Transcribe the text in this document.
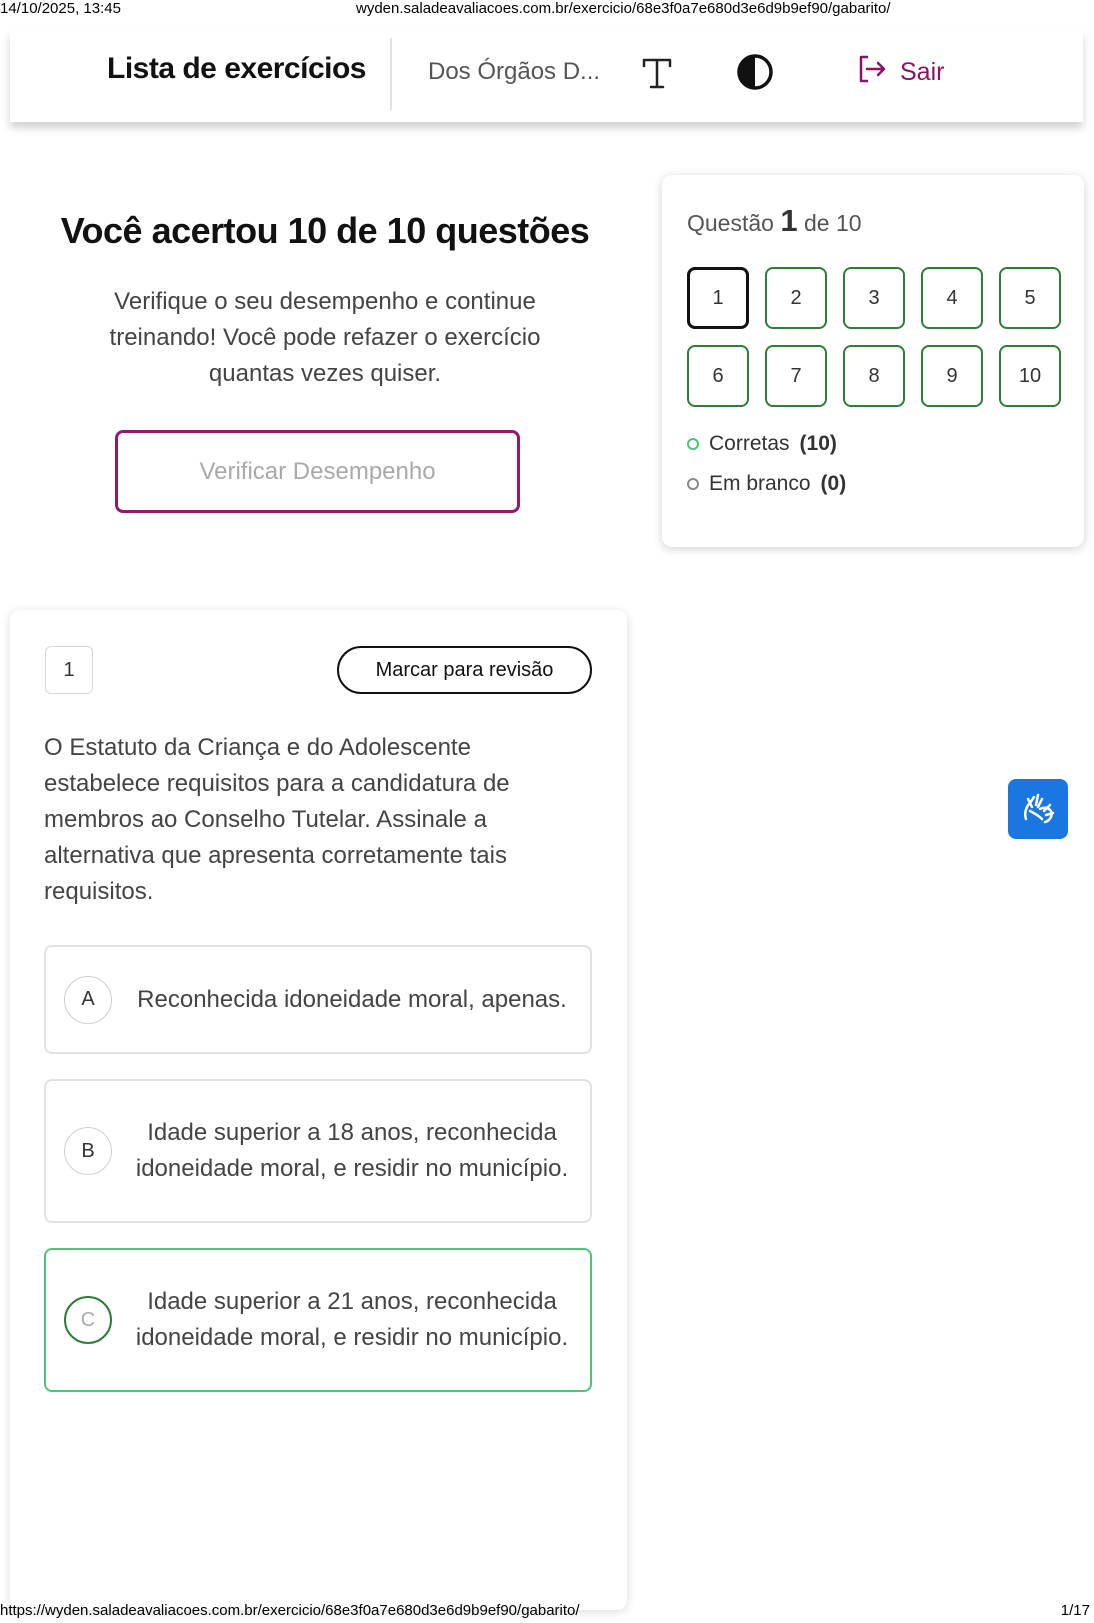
14/10/2025, 13:45	wyden.saladeavaliacoes.com.br/exercicio/68e3f0a7e680d3e6d9b9ef90/gabarito/
Lista de exercícios	Dos Órgãos D...	Sair
Você acertou 10 de 10 questões

Verifique o seu desempenho e continue treinando! Você pode refazer o exercício quantas vezes quiser.

Verificar Desempenho
Questão 1 de 10
1	2	3	4	5
6	7	8	9	10
Corretas (10)
Em branco (0)
1	Marcar para revisão
O Estatuto da Criança e do Adolescente estabelece requisitos para a candidatura de membros ao Conselho Tutelar. Assinale a alternativa que apresenta corretamente tais requisitos.
A	Reconhecida idoneidade moral, apenas.
B
Idade superior a 18 anos, reconhecida idoneidade moral, e residir no município.
C
Idade superior a 21 anos, reconhecida idoneidade moral, e residir no município.
https://wyden.saladeavaliacoes.com.br/exercicio/68e3f0a7e680d3e6d9b9ef90/gabarito/	1/17
